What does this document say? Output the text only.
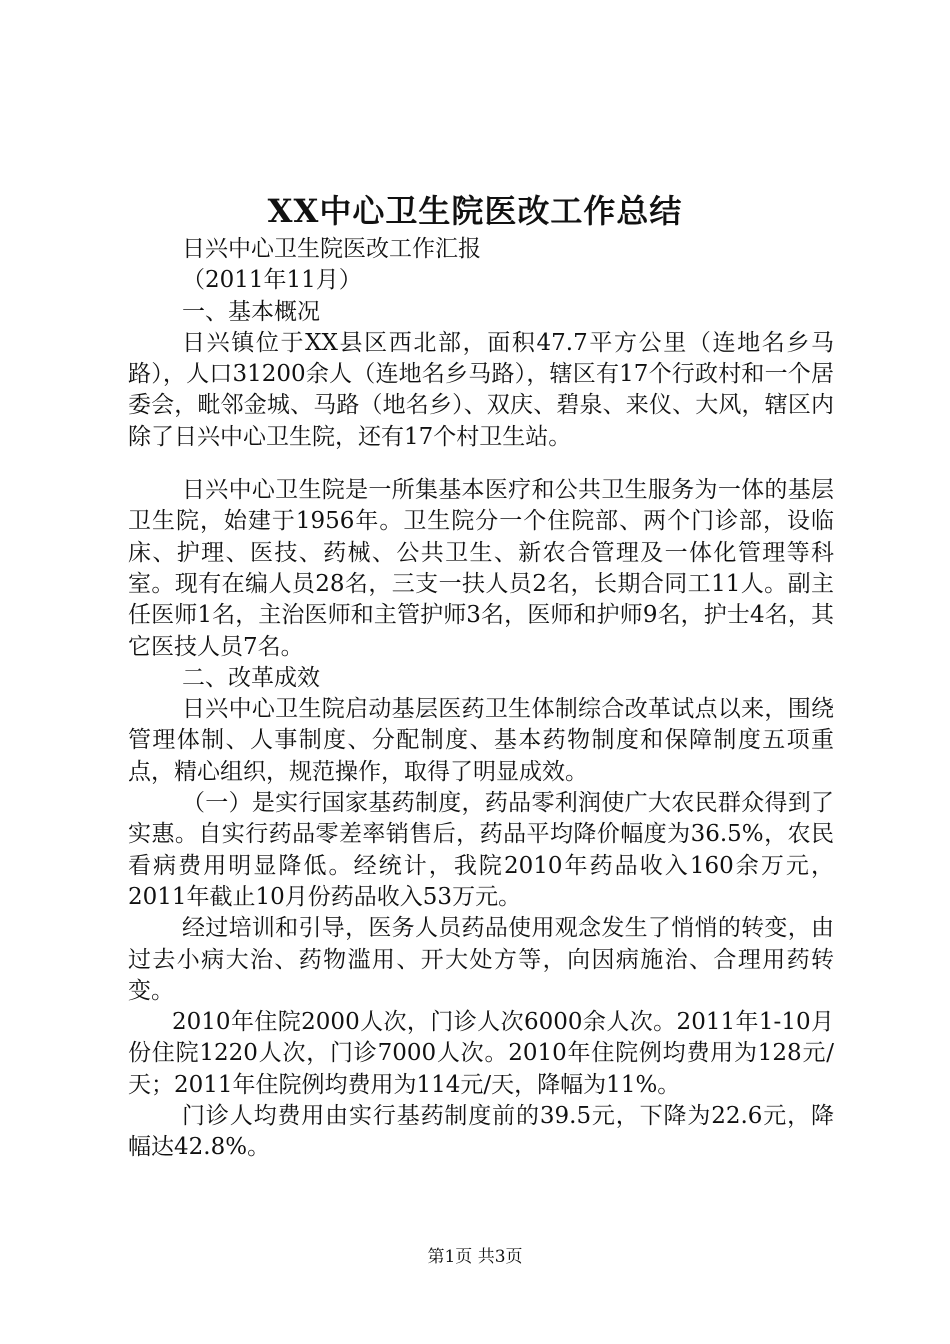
XX中心卫生院医改工作总结

日兴中心卫生院医改工作汇报

（2011年11月）

一、基本概况

日兴镇位于XX县区西北部，面积47.7平方公里（连地名乡马路），人口31200余人（连地名乡马路），辖区有17个行政村和一个居委会，毗邻金城、马路（地名乡）、双庆、碧泉、来仪、大风，辖区内除了日兴中心卫生院，还有17个村卫生站。

日兴中心卫生院是一所集基本医疗和公共卫生服务为一体的基层卫生院，始建于1956年。卫生院分一个住院部、两个门诊部，设临床、护理、医技、药械、公共卫生、新农合管理及一体化管理等科室。现有在编人员28名，三支一扶人员2名，长期合同工11人。副主任医师1名，主治医师和主管护师3名，医师和护师9名，护士4名，其它医技人员7名。

二、改革成效

日兴中心卫生院启动基层医药卫生体制综合改革试点以来，围绕管理体制、人事制度、分配制度、基本药物制度和保障制度五项重点，精心组织，规范操作，取得了明显成效。

（一）是实行国家基药制度，药品零利润使广大农民群众得到了实惠。自实行药品零差率销售后，药品平均降价幅度为36.5%，农民看病费用明显降低。经统计，我院2010年药品收入160余万元，2011年截止10月份药品收入53万元。

经过培训和引导，医务人员药品使用观念发生了悄悄的转变，由过去小病大治、药物滥用、开大处方等，向因病施治、合理用药转变。

2010年住院2000人次，门诊人次6000余人次。2011年1-10月份住院1220人次，门诊7000人次。2010年住院例均费用为128元/天；2011年住院例均费用为114元/天，降幅为11%。

门诊人均费用由实行基药制度前的39.5元，下降为22.6元，降幅达42.8%。

第1页 共3页
